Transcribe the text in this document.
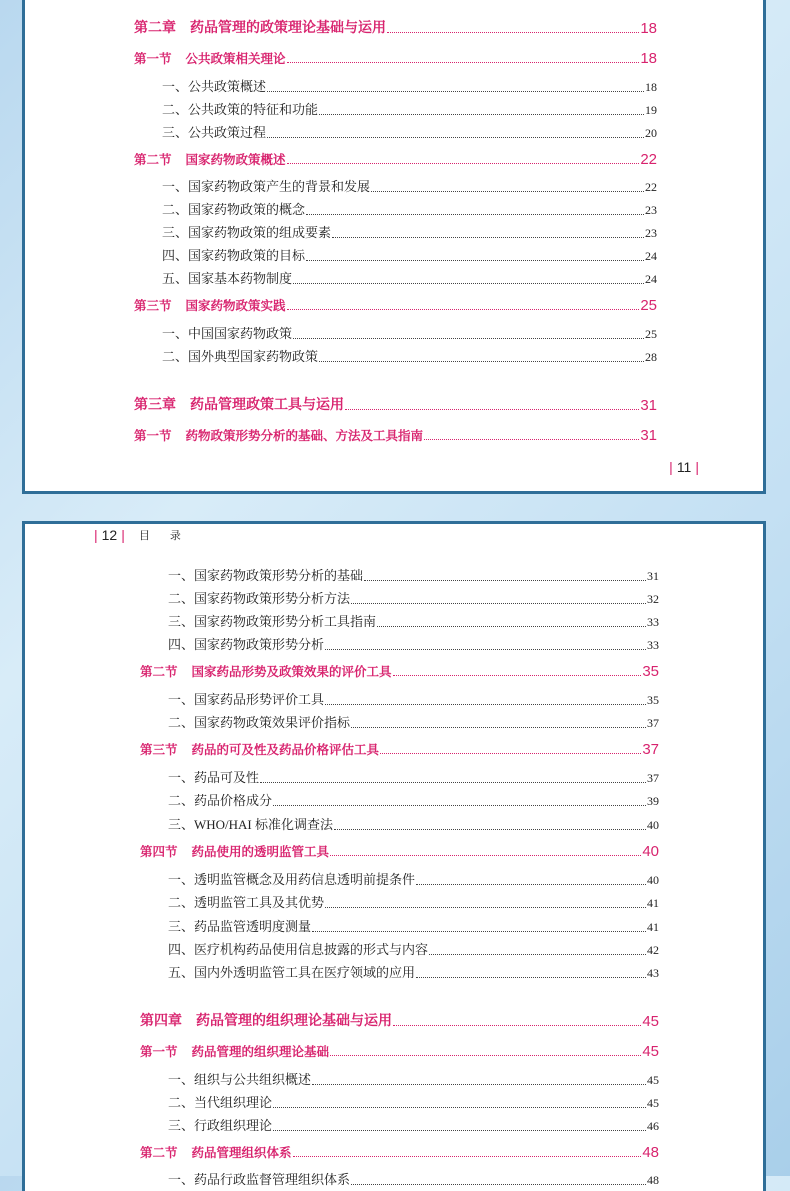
第二章 药品管理的政策理论基础与运用	18
第一节 公共政策相关理论	18
一、公共政策概述	18
二、公共政策的特征和功能	19
三、公共政策过程	20
第二节 国家药物政策概述	22
一、国家药物政策产生的背景和发展	22
二、国家药物政策的概念	23
三、国家药物政策的组成要素	23
四、国家药物政策的目标	24
五、国家基本药物制度	24
第三节 国家药物政策实践	25
一、中国国家药物政策	25
二、国外典型国家药物政策	28
第三章 药品管理政策工具与运用	31
第一节 药物政策形势分析的基础、方法及工具指南	31
| 11 |
| 12 | 目录
一、国家药物政策形势分析的基础	31
二、国家药物政策形势分析方法	32
三、国家药物政策形势分析工具指南	33
四、国家药物政策形势分析	33
第二节 国家药品形势及政策效果的评价工具	35
一、国家药品形势评价工具	35
二、国家药物政策效果评价指标	37
第三节 药品的可及性及药品价格评估工具	37
一、药品可及性	37
二、药品价格成分	39
三、WHO/HAI 标准化调查法	40
第四节 药品使用的透明监管工具	40
一、透明监管概念及用药信息透明前提条件	40
二、透明监管工具及其优势	41
三、药品监管透明度测量	41
四、医疗机构药品使用信息披露的形式与内容	42
五、国内外透明监管工具在医疗领域的应用	43
第四章 药品管理的组织理论基础与运用	45
第一节 药品管理的组织理论基础	45
一、组织与公共组织概述	45
二、当代组织理论	45
三、行政组织理论	46
第二节 药品管理组织体系	48
一、药品行政监督管理组织体系	48
